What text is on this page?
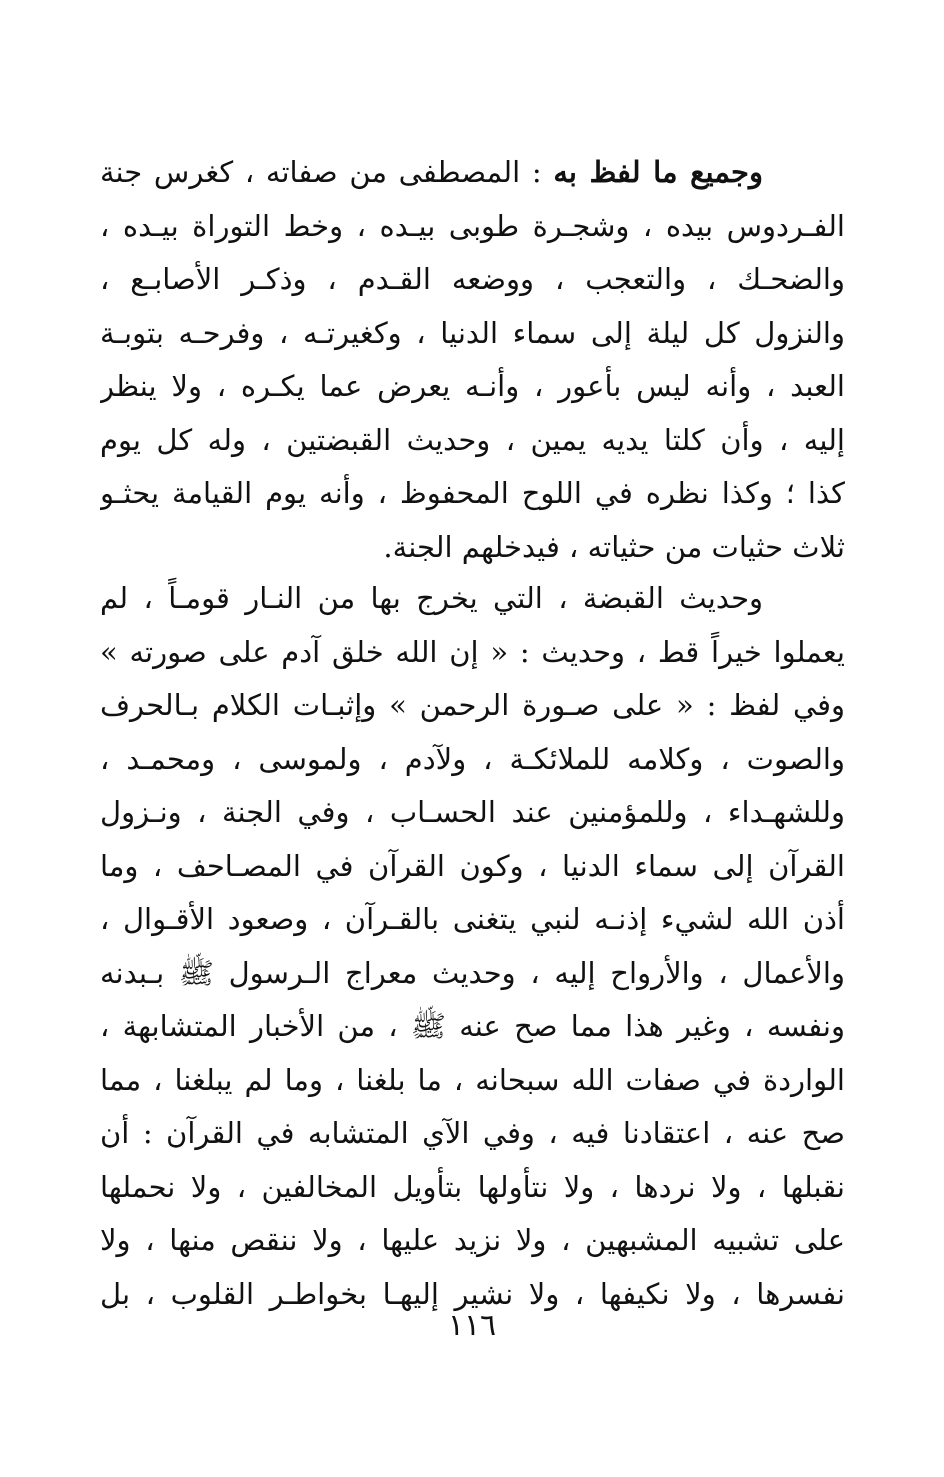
وجميع ما لفظ به : المصطفى من صفاته ، كغرس جنة
الفـردوس بيده ، وشجـرة طوبى بيـده ، وخط التوراة بيـده ،
والضحـك ، والتعجب ، ووضعه القـدم ، وذكـر الأصابـع ،
والنزول كل ليلة إلى سماء الدنيا ، وكغيرتـه ، وفرحـه بتوبـة
العبد ، وأنه ليس بأعور ، وأنـه يعرض عما يكـره ، ولا ينظر
إليه ، وأن كلتا يديه يمين ، وحديث القبضتين ، وله كل يوم
كذا ؛ وكذا نظره في اللوح المحفوظ ، وأنه يوم القيامة يحثـو
ثلاث حثيات من حثياته ، فيدخلهم الجنة.
وحديث القبضة ، التي يخرج بها من النـار قومـاً ، لم
يعملوا خيراً قط ، وحديث : « إن الله خلق آدم على صورته »
وفي لفظ : « على صـورة الرحمن » وإثبـات الكلام بـالحرف
والصوت ، وكلامه للملائكـة ، ولآدم ، ولموسى ، ومحمـد ،
وللشهـداء ، وللمؤمنين عند الحسـاب ، وفي الجنة ، ونـزول
القرآن إلى سماء الدنيا ، وكون القرآن في المصـاحف ، وما
أذن الله لشيء إذنـه لنبي يتغنى بالقـرآن ، وصعود الأقـوال ،
والأعمال ، والأرواح إليه ، وحديث معراج الـرسول ﷺ بـبدنه
ونفسه ، وغير هذا مما صح عنه ﷺ ، من الأخبار المتشابهة ،
الواردة في صفات الله سبحانه ، ما بلغنا ، وما لم يبلغنا ، مما
صح عنه ، اعتقادنا فيه ، وفي الآي المتشابه في القرآن : أن
نقبلها ، ولا نردها ، ولا نتأولها بتأويل المخالفين ، ولا نحملها
على تشبيه المشبهين ، ولا نزيد عليها ، ولا ننقص منها ، ولا
نفسرها ، ولا نكيفها ، ولا نشير إليهـا بخواطـر القلوب ، بل
١١٦
